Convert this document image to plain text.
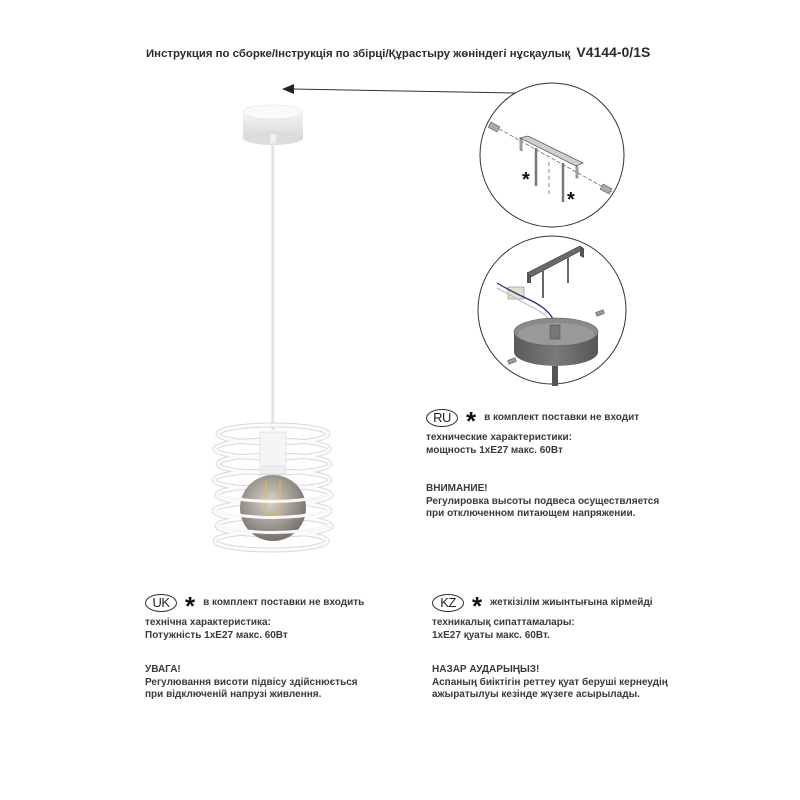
Инструкция по сборке/Інструкція по збірці/Құрастыру жөніндегі нұсқаулық V4144-0/1S
*
*
RU * в комплект поставки не входит
технические характеристики:
мощность 1хЕ27 макс. 60Вт
ВНИМАНИЕ!
Регулировка высоты подвеса осуществляется
при отключенном питающем напряжении.
UK * в комплект поставки не входить
технічна характеристика:
Потужність 1хЕ27 макс. 60Вт
УВАГА!
Регулювання висоти підвісу здійснюється
при відключеній напрузі живлення.
KZ * жеткізілім жиынтығына кірмейді
техникалық сипаттамалары:
1хЕ27 қуаты макс. 60Вт.
НАЗАР АУДАРЫҢЫЗ!
Аспаның биіктігін реттеу қуат беруші кернеудің
ажыратылуы кезінде жүзеге асырылады.
